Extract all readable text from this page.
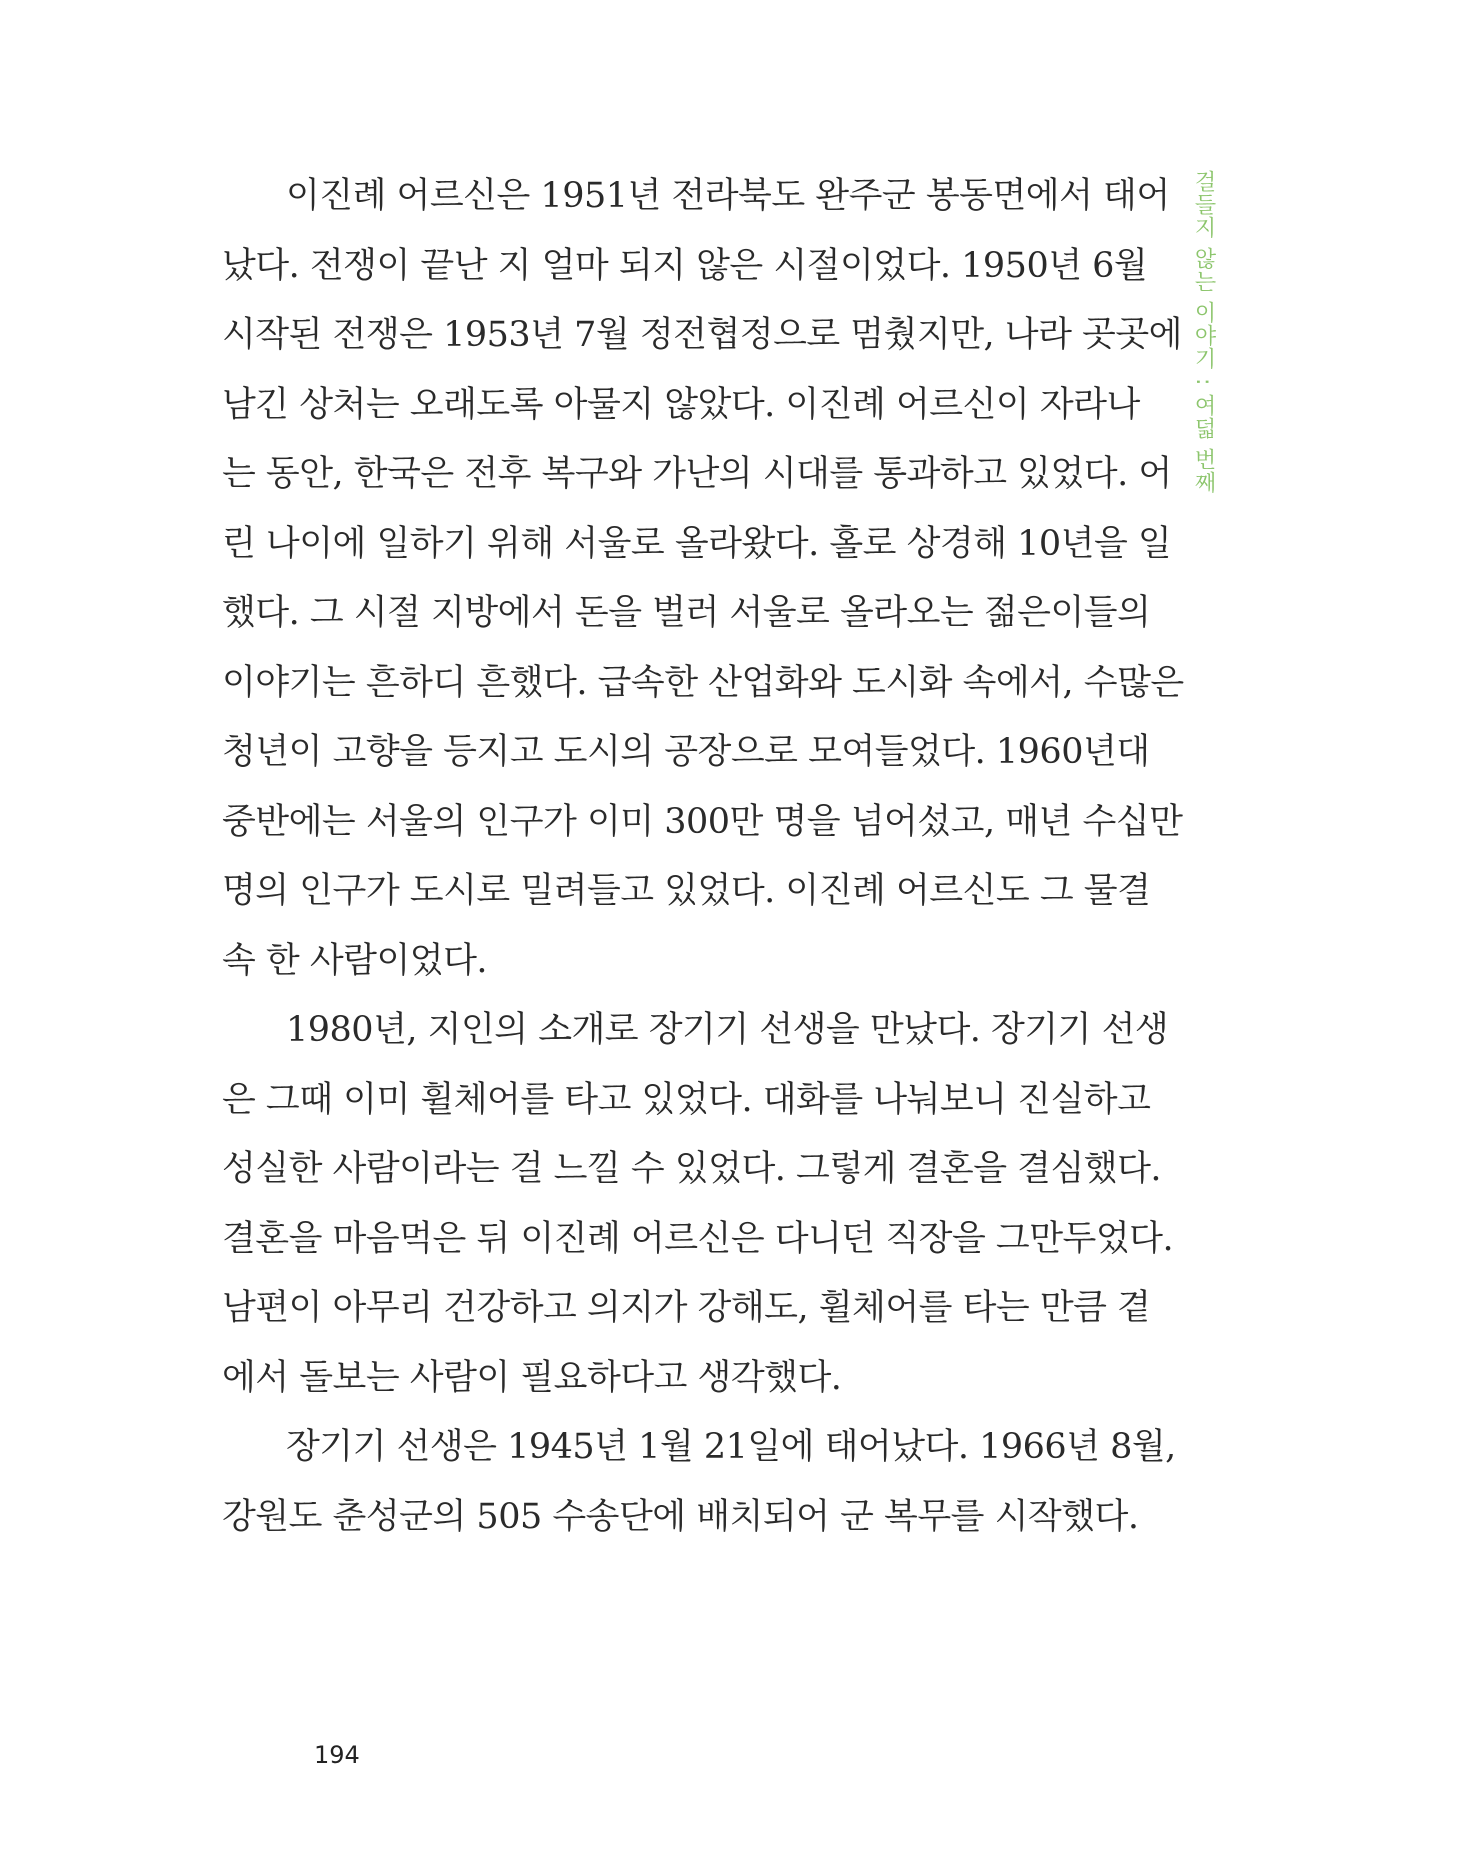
걸들지 않는 이야기 : 여덟 번째
이진례 어르신은 1951년 전라북도 완주군 봉동면에서 태어
났다. 전쟁이 끝난 지 얼마 되지 않은 시절이었다. 1950년 6월
시작된 전쟁은 1953년 7월 정전협정으로 멈췄지만, 나라 곳곳에
남긴 상처는 오래도록 아물지 않았다. 이진례 어르신이 자라나
는 동안, 한국은 전후 복구와 가난의 시대를 통과하고 있었다. 어
린 나이에 일하기 위해 서울로 올라왔다. 홀로 상경해 10년을 일
했다. 그 시절 지방에서 돈을 벌러 서울로 올라오는 젊은이들의
이야기는 흔하디 흔했다. 급속한 산업화와 도시화 속에서, 수많은
청년이 고향을 등지고 도시의 공장으로 모여들었다. 1960년대
중반에는 서울의 인구가 이미 300만 명을 넘어섰고, 매년 수십만
명의 인구가 도시로 밀려들고 있었다. 이진례 어르신도 그 물결
속 한 사람이었다.
1980년, 지인의 소개로 장기기 선생을 만났다. 장기기 선생
은 그때 이미 휠체어를 타고 있었다. 대화를 나눠보니 진실하고
성실한 사람이라는 걸 느낄 수 있었다. 그렇게 결혼을 결심했다.
결혼을 마음먹은 뒤 이진례 어르신은 다니던 직장을 그만두었다.
남편이 아무리 건강하고 의지가 강해도, 휠체어를 타는 만큼 곁
에서 돌보는 사람이 필요하다고 생각했다.
장기기 선생은 1945년 1월 21일에 태어났다. 1966년 8월,
강원도 춘성군의 505 수송단에 배치되어 군 복무를 시작했다.
194
